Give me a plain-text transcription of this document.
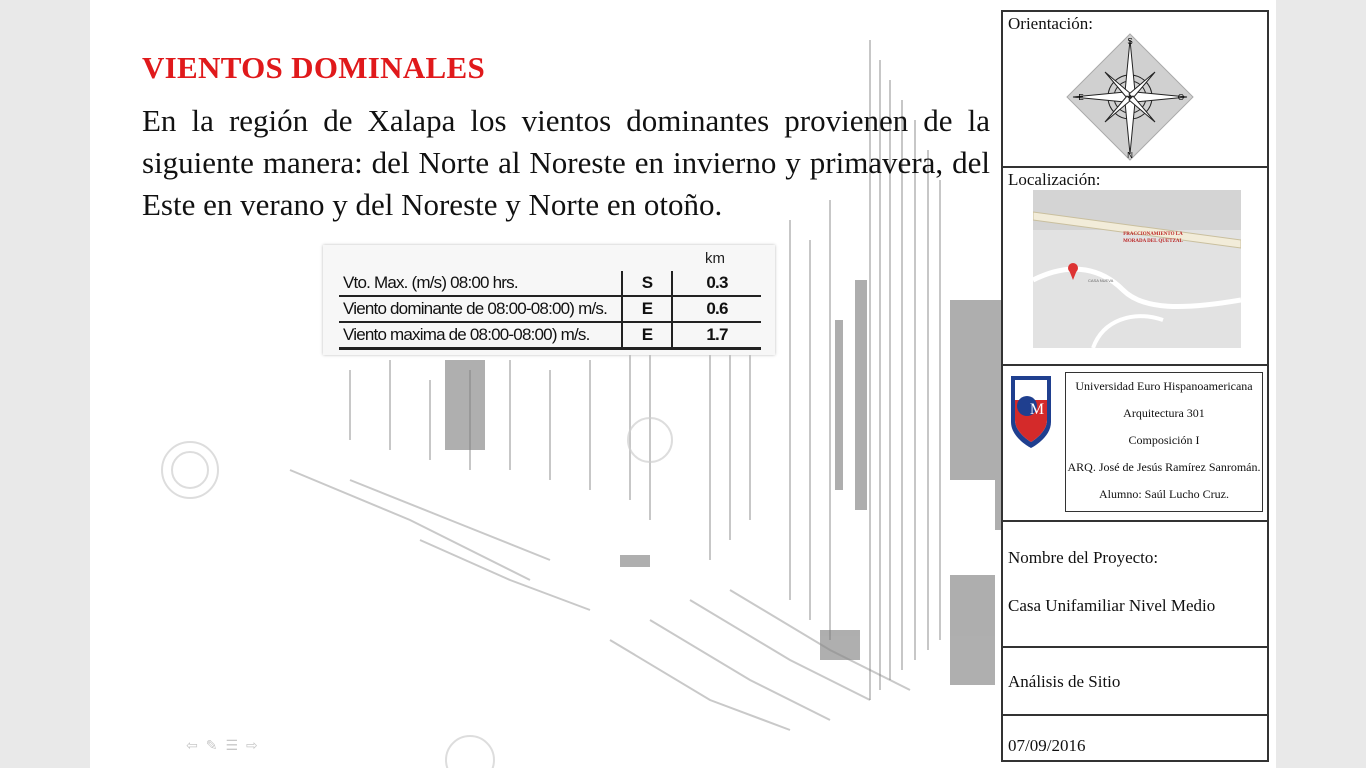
VIENTOS DOMINALES
En la región de Xalapa los vientos dominantes provienen de la siguiente manera: del Norte al Noreste en invierno y primavera, del Este en verano y del Noreste y Norte en otoño.
km
Vto. Max. (m/s) 08:00 hrs.	S	0.3
Viento dominante de 08:00-08:00) m/s.	E	0.6
Viento maxima de 08:00-08:00) m/s.	E	1.7
⇦✎☰⇨
Orientación:
S
N
E	O
Localización:
FRACCIONAMIENTO LA
MORADA DEL QUETZAL
CASA NUEVA
M
Universidad Euro Hispanoamericana
Arquitectura 301
Composición I
ARQ. José de Jesús Ramírez Sanromán.
Alumno: Saúl Lucho Cruz.
Nombre del Proyecto:
Casa Unifamiliar Nivel Medio
Análisis de Sitio
07/09/2016
